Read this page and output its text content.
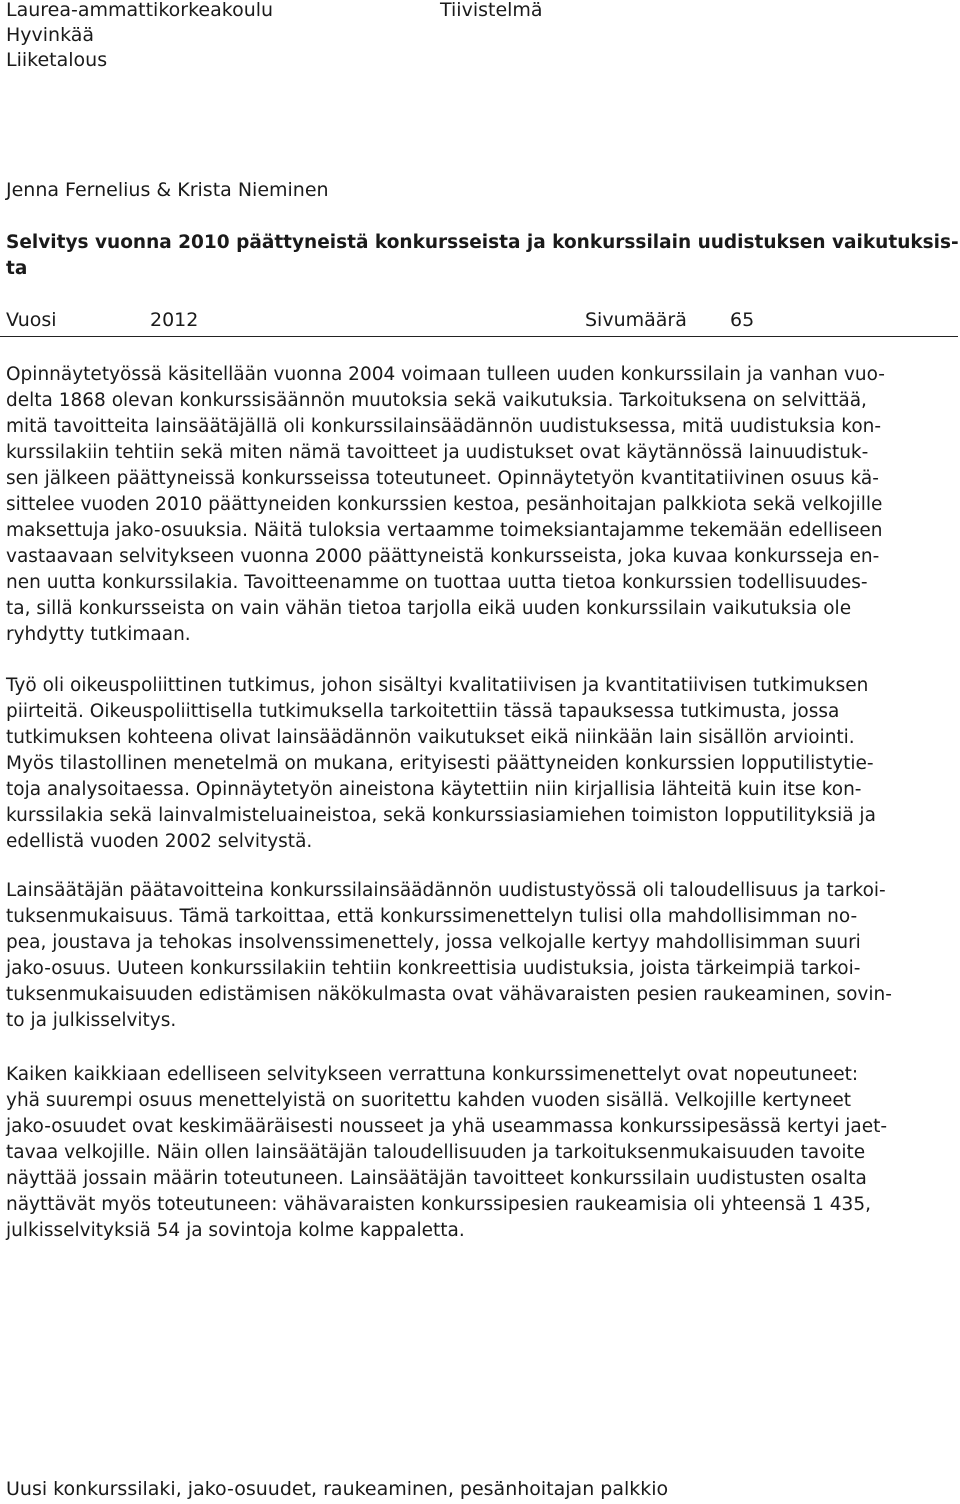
Laurea-ammattikorkeakoulu

Hyvinkää

Liiketalous

Tiivistelmä

Jenna Fernelius & Krista Nieminen

Selvitys vuonna 2010 päättyneistä konkursseista ja konkurssilain uudistuksen vaikutuksis-
ta
Vuosi	2012	Sivumäärä 65
Opinnäytetyössä käsitellään vuonna 2004 voimaan tulleen uuden konkurssilain ja vanhan vuo-
delta 1868 olevan konkurssisäännön muutoksia sekä vaikutuksia. Tarkoituksena on selvittää,
mitä tavoitteita lainsäätäjällä oli konkurssilainsäädännön uudistuksessa, mitä uudistuksia kon-
kurssilakiin tehtiin sekä miten nämä tavoitteet ja uudistukset ovat käytännössä lainuudistuk-
sen jälkeen päättyneissä konkursseissa toteutuneet. Opinnäytetyön kvantitatiivinen osuus kä-
sittelee vuoden 2010 päättyneiden konkurssien kestoa, pesänhoitajan palkkiota sekä velkojille
maksettuja jako-osuuksia. Näitä tuloksia vertaamme toimeksiantajamme tekemään edelliseen
vastaavaan selvitykseen vuonna 2000 päättyneistä konkursseista, joka kuvaa konkursseja en-
nen uutta konkurssilakia. Tavoitteenamme on tuottaa uutta tietoa konkurssien todellisuudes-
ta, sillä konkursseista on vain vähän tietoa tarjolla eikä uuden konkurssilain vaikutuksia ole
ryhdytty tutkimaan.
Työ oli oikeuspoliittinen tutkimus, johon sisältyi kvalitatiivisen ja kvantitatiivisen tutkimuksen
piirteitä. Oikeuspoliittisella tutkimuksella tarkoitettiin tässä tapauksessa tutkimusta, jossa
tutkimuksen kohteena olivat lainsäädännön vaikutukset eikä niinkään lain sisällön arviointi.
Myös tilastollinen menetelmä on mukana, erityisesti päättyneiden konkurssien lopputilistytie-
toja analysoitaessa. Opinnäytetyön aineistona käytettiin niin kirjallisia lähteitä kuin itse kon-
kurssilakia sekä lainvalmisteluaineistoa, sekä konkurssiasiamiehen toimiston lopputilityksiä ja
edellistä vuoden 2002 selvitystä.
Lainsäätäjän päätavoitteina konkurssilainsäädännön uudistustyössä oli taloudellisuus ja tarkoi-
tuksenmukaisuus. Tämä tarkoittaa, että konkurssimenettelyn tulisi olla mahdollisimman no-
pea, joustava ja tehokas insolvenssimenettely, jossa velkojalle kertyy mahdollisimman suuri
jako-osuus. Uuteen konkurssilakiin tehtiin konkreettisia uudistuksia, joista tärkeimpiä tarkoi-
tuksenmukaisuuden edistämisen näkökulmasta ovat vähävaraisten pesien raukeaminen, sovin-
to ja julkisselvitys.
Kaiken kaikkiaan edelliseen selvitykseen verrattuna konkurssimenettelyt ovat nopeutuneet:
yhä suurempi osuus menettelyistä on suoritettu kahden vuoden sisällä. Velkojille kertyneet
jako-osuudet ovat keskimääräisesti nousseet ja yhä useammassa konkurssipesässä kertyi jaet-
tavaa velkojille. Näin ollen lainsäätäjän taloudellisuuden ja tarkoituksenmukaisuuden tavoite
näyttää jossain määrin toteutuneen. Lainsäätäjän tavoitteet konkurssilain uudistusten osalta
näyttävät myös toteutuneen: vähävaraisten konkurssipesien raukeamisia oli yhteensä 1 435,
julkisselvityksiä 54 ja sovintoja kolme kappaletta.

Uusi konkurssilaki, jako-osuudet, raukeaminen, pesänhoitajan palkkio
